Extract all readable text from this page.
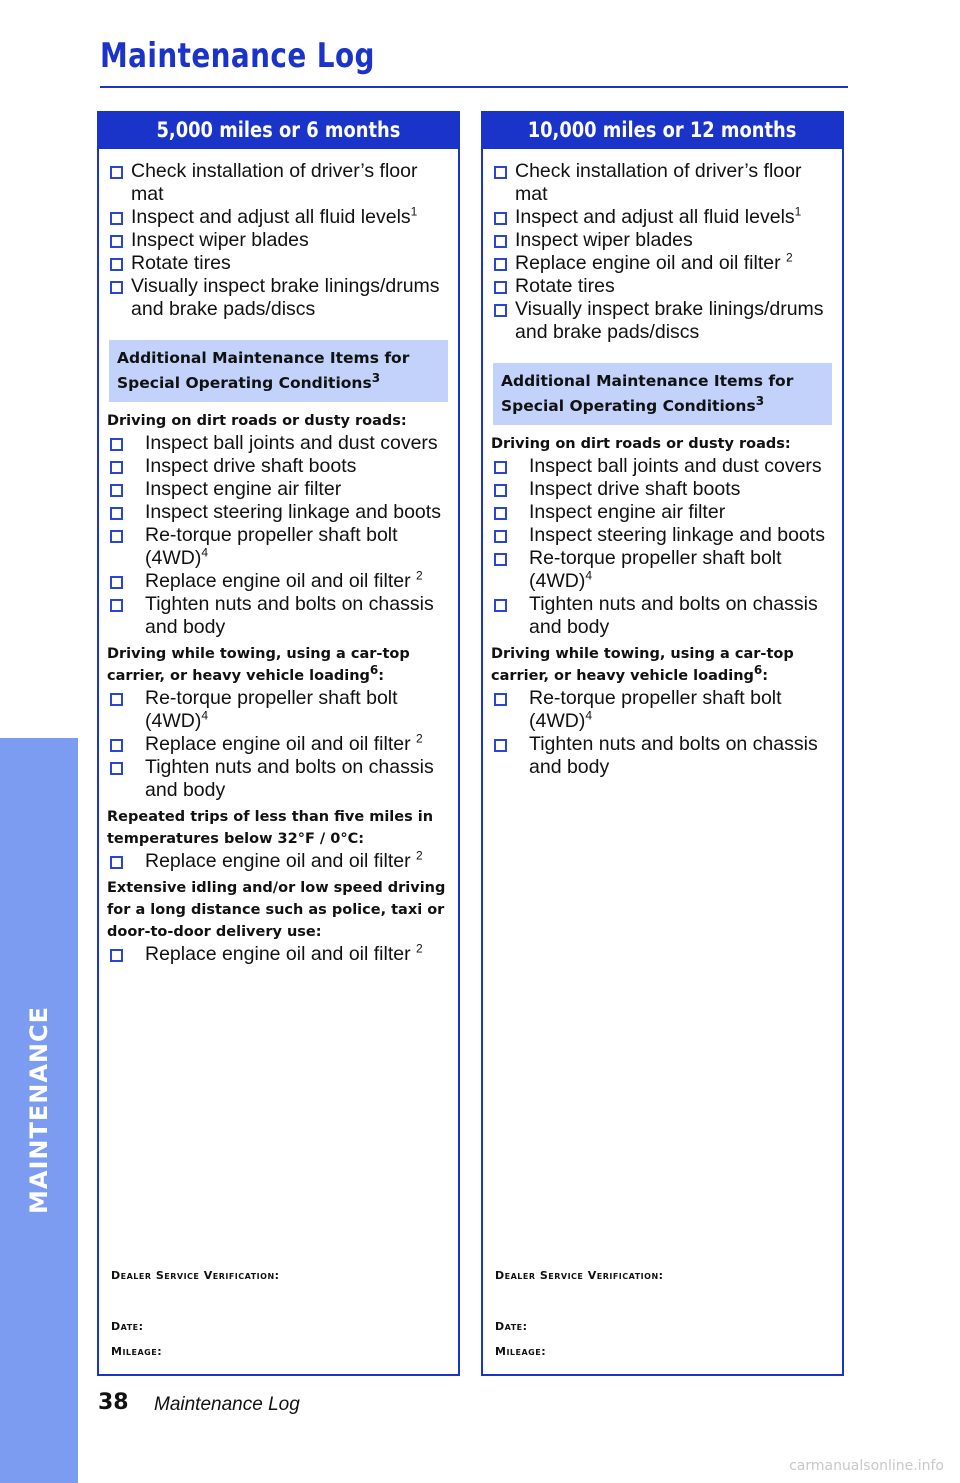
Maintenance Log
MAINTENANCE
5,000 miles or 6 months
Check installation of driver’s floor mat
Inspect and adjust all fluid levels$^1$
Inspect wiper blades
Rotate tires
Visually inspect brake linings/drums and brake pads/discs
Additional Maintenance Items for
Special Operating Conditions$^3$
Driving on dirt roads or dusty roads:
Inspect ball joints and dust covers
Inspect drive shaft boots
Inspect engine air filter
Inspect steering linkage and boots
Re-torque propeller shaft bolt $(4WD)^4$
Replace engine oil and oil filter $^2$
Tighten nuts and bolts on chassis and body
Driving while towing, using a car-top carrier, or heavy vehicle loading$^6$:
Re-torque propeller shaft bolt $(4WD)^4$
Replace engine oil and oil filter $^2$
Tighten nuts and bolts on chassis and body
Repeated trips of less than five miles in temperatures below 32°F / 0°C:
Replace engine oil and oil filter $^2$
Extensive idling and/or low speed driving for a long distance such as police, taxi or door-to-door delivery use:
Replace engine oil and oil filter $^2$
Dealer Service Verification:
Date:
Mileage:
10,000 miles or 12 months
Check installation of driver’s floor mat
Inspect and adjust all fluid levels$^1$
Inspect wiper blades
Replace engine oil and oil filter $^2$
Rotate tires
Visually inspect brake linings/drums and brake pads/discs
Additional Maintenance Items for
Special Operating Conditions$^3$
Driving on dirt roads or dusty roads:
Inspect ball joints and dust covers
Inspect drive shaft boots
Inspect engine air filter
Inspect steering linkage and boots
Re-torque propeller shaft bolt $(4WD)^4$
Tighten nuts and bolts on chassis and body
Driving while towing, using a car-top carrier, or heavy vehicle loading$^6$:
Re-torque propeller shaft bolt $(4WD)^4$
Tighten nuts and bolts on chassis and body
Dealer Service Verification:
Date:
Mileage:
38 Maintenance Log
carmanualsonline.info
